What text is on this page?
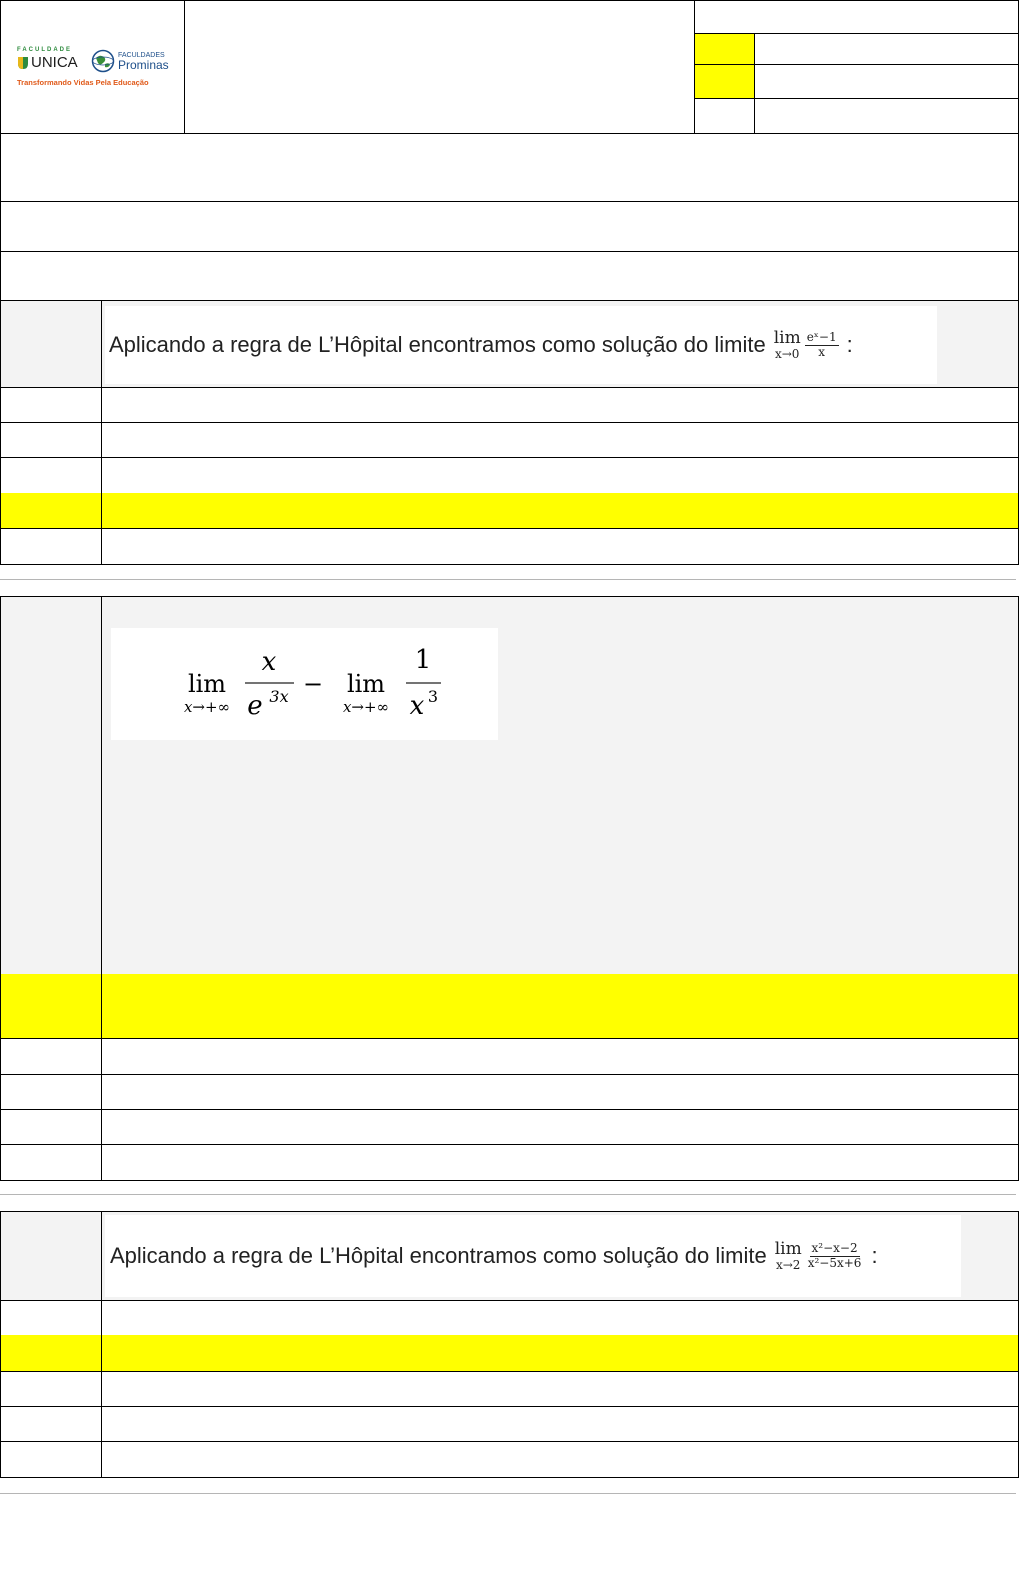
FACULDADE
UNICA	FACULDADES
Prominas
Transformando Vidas Pela Educação
Aplicando a regra de L’Hôpital encontramos como solução do limite lim
$x\to 0 \frac{\text{eˣ−1}}{x}$ :
lim
x→+∞
x
e 3x − lim
x→+∞
1
x 3
Aplicando a regra de L’Hôpital encontramos como solução do limite lim
$x\to 2 \frac{\text{x²−x−2}}{\text{x²−5x+6}}$ :
